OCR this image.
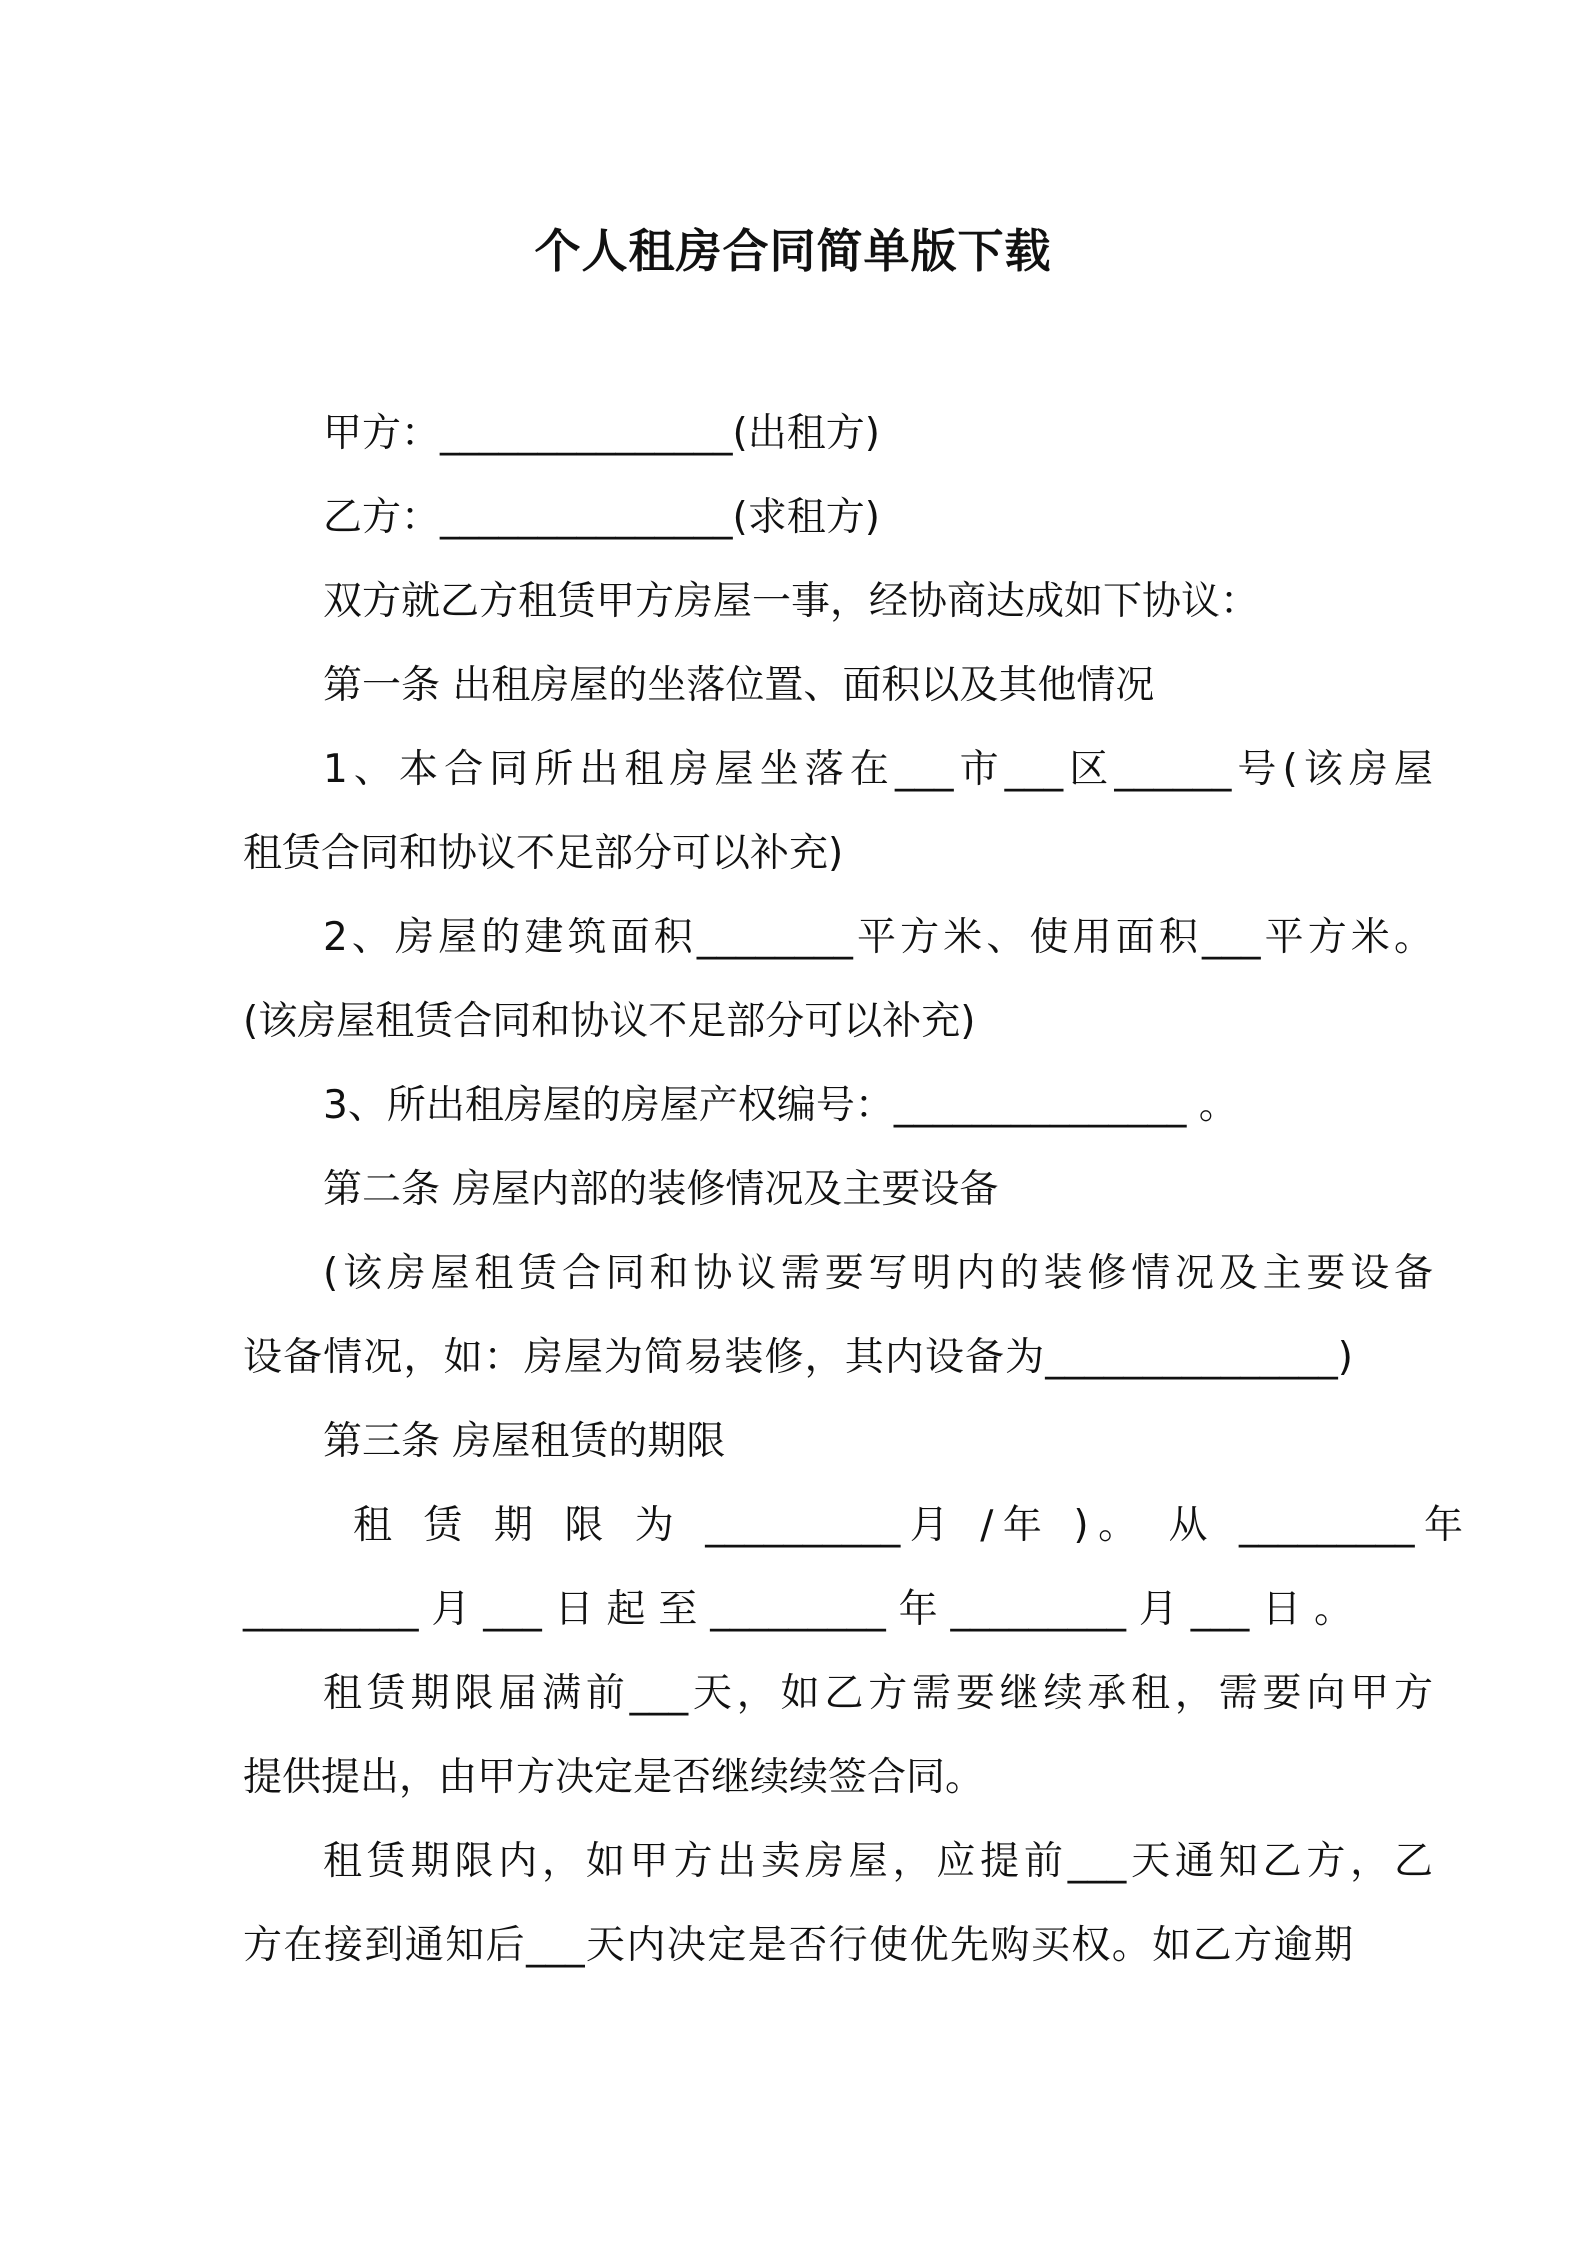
个人租房合同简单版下载
甲方：_______________(出租方)
乙方：_______________(求租方)
双方就乙方租赁甲方房屋一事，经协商达成如下协议：
第一条 出租房屋的坐落位置、面积以及其他情况
1、本合同所出租房屋坐落在___市___区______号(该房屋
租赁合同和协议不足部分可以补充)
2、房屋的建筑面积________平方米、使用面积___平方米。
(该房屋租赁合同和协议不足部分可以补充)
3、所出租房屋的房屋产权编号：_______________ 。
第二条 房屋内部的装修情况及主要设备
(该房屋租赁合同和协议需要写明内的装修情况及主要设备
设备情况，如：房屋为简易装修，其内设备为_______________)
第三条 房屋租赁的期限
租 赁 期 限 为 __________月 /年 )。 从 _________年
_________月___日起至_________年_________月___日。
租赁期限届满前___天，如乙方需要继续承租，需要向甲方
提供提出，由甲方决定是否继续续签合同。
租赁期限内，如甲方出卖房屋，应提前___天通知乙方，乙
方在接到通知后___天内决定是否行使优先购买权。如乙方逾期
